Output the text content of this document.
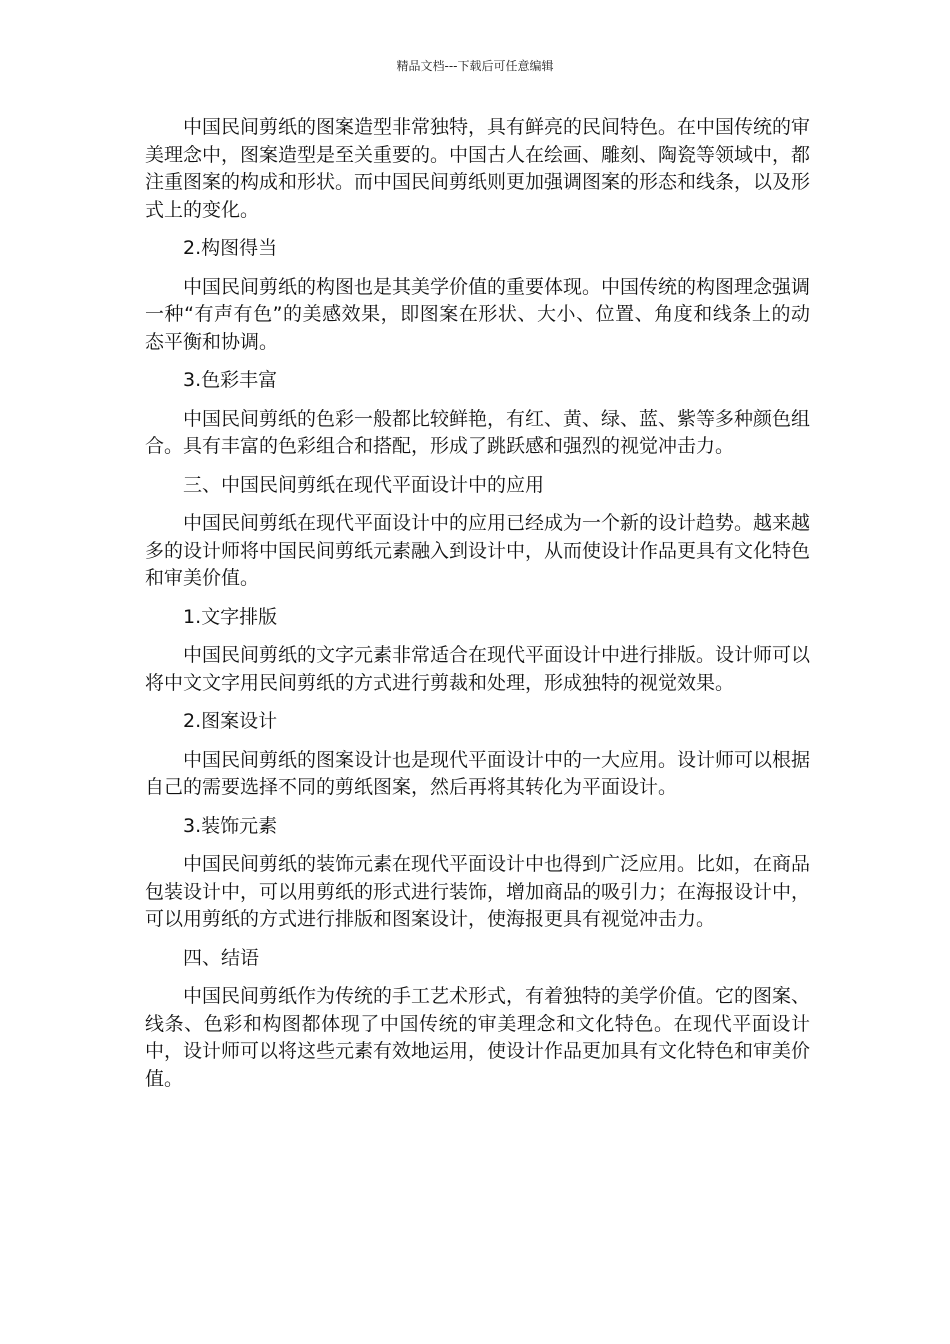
精品文档---下载后可任意编辑

中国民间剪纸的图案造型非常独特，具有鲜亮的民间特色。在中国传统的审美理念中，图案造型是至关重要的。中国古人在绘画、雕刻、陶瓷等领域中，都注重图案的构成和形状。而中国民间剪纸则更加强调图案的形态和线条，以及形式上的变化。

2.构图得当

中国民间剪纸的构图也是其美学价值的重要体现。中国传统的构图理念强调一种“有声有色”的美感效果，即图案在形状、大小、位置、角度和线条上的动态平衡和协调。

3.色彩丰富

中国民间剪纸的色彩一般都比较鲜艳，有红、黄、绿、蓝、紫等多种颜色组合。具有丰富的色彩组合和搭配，形成了跳跃感和强烈的视觉冲击力。

三、中国民间剪纸在现代平面设计中的应用

中国民间剪纸在现代平面设计中的应用已经成为一个新的设计趋势。越来越多的设计师将中国民间剪纸元素融入到设计中，从而使设计作品更具有文化特色和审美价值。

1.文字排版

中国民间剪纸的文字元素非常适合在现代平面设计中进行排版。设计师可以将中文文字用民间剪纸的方式进行剪裁和处理，形成独特的视觉效果。

2.图案设计

中国民间剪纸的图案设计也是现代平面设计中的一大应用。设计师可以根据自己的需要选择不同的剪纸图案，然后再将其转化为平面设计。

3.装饰元素

中国民间剪纸的装饰元素在现代平面设计中也得到广泛应用。比如，在商品包装设计中，可以用剪纸的形式进行装饰，增加商品的吸引力；在海报设计中，可以用剪纸的方式进行排版和图案设计，使海报更具有视觉冲击力。

四、结语

中国民间剪纸作为传统的手工艺术形式，有着独特的美学价值。它的图案、线条、色彩和构图都体现了中国传统的审美理念和文化特色。在现代平面设计中，设计师可以将这些元素有效地运用，使设计作品更加具有文化特色和审美价值。
